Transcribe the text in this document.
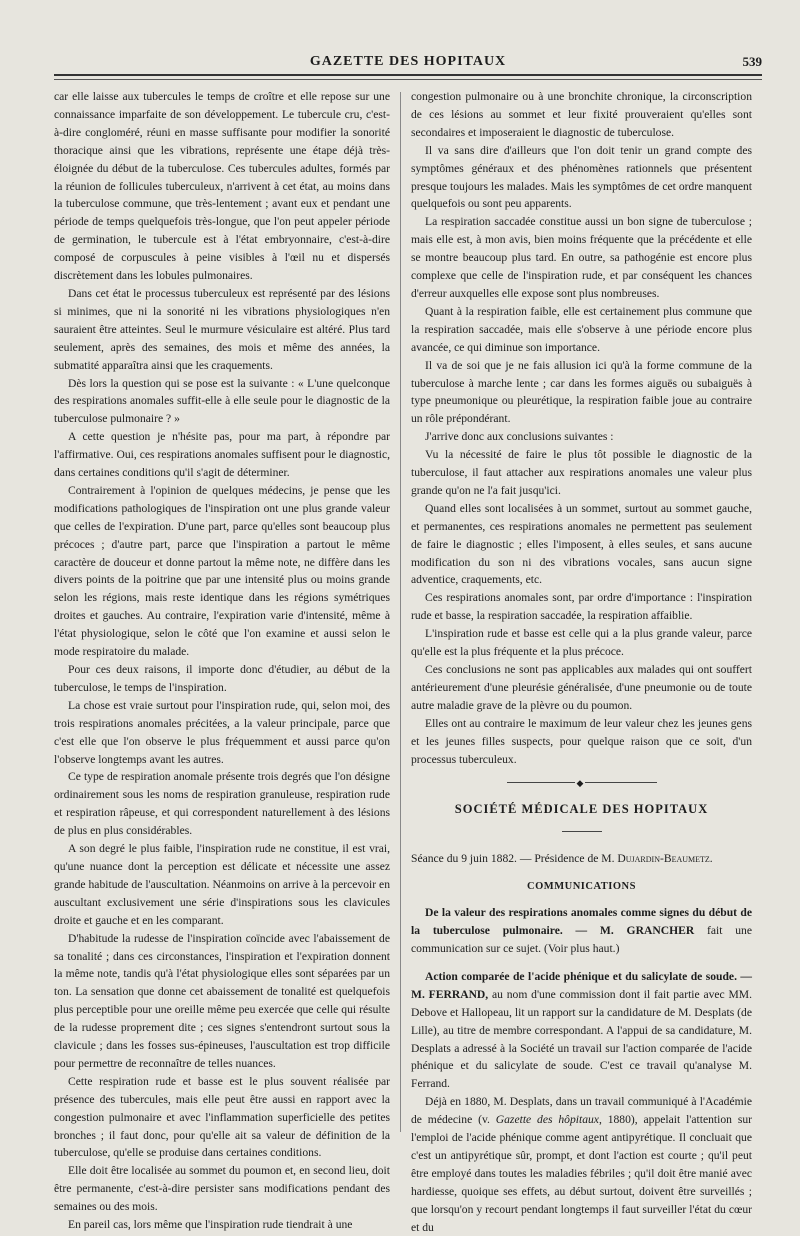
GAZETTE DES HOPITAUX	539

car elle laisse aux tubercules le temps de croître et elle repose sur une connaissance imparfaite de son développement. Le tubercule cru, c'est-à-dire congloméré, réuni en masse suffisante pour modifier la sonorité thoracique ainsi que les vibrations, représente une étape déjà très-éloignée du début de la tuberculose. Ces tubercules adultes, formés par la réunion de follicules tuberculeux, n'arrivent à cet état, au moins dans la tuberculose commune, que très-lentement ; avant eux et pendant une période de temps quelquefois très-longue, que l'on peut appeler période de germination, le tubercule est à l'état embryonnaire, c'est-à-dire composé de corpuscules à peine visibles à l'œil nu et dispersés discrètement dans les lobules pulmonaires.

Dans cet état le processus tuberculeux est représenté par des lésions si minimes, que ni la sonorité ni les vibrations physiologiques n'en sauraient être atteintes. Seul le murmure vésiculaire est altéré. Plus tard seulement, après des semaines, des mois et même des années, la submatité apparaîtra ainsi que les craquements.

Dès lors la question qui se pose est la suivante : « L'une quelconque des respirations anomales suffit-elle à elle seule pour le diagnostic de la tuberculose pulmonaire ? »

A cette question je n'hésite pas, pour ma part, à répondre par l'affirmative. Oui, ces respirations anomales suffisent pour le diagnostic, dans certaines conditions qu'il s'agit de déterminer.

Contrairement à l'opinion de quelques médecins, je pense que les modifications pathologiques de l'inspiration ont une plus grande valeur que celles de l'expiration. D'une part, parce qu'elles sont beaucoup plus précoces ; d'autre part, parce que l'inspiration a partout le même caractère de douceur et donne partout la même note, ne diffère dans les divers points de la poitrine que par une intensité plus ou moins grande selon les régions, mais reste identique dans les régions symétriques droites et gauches. Au contraire, l'expiration varie d'intensité, même à l'état physiologique, selon le côté que l'on examine et aussi selon le mode respiratoire du malade.

Pour ces deux raisons, il importe donc d'étudier, au début de la tuberculose, le temps de l'inspiration.

La chose est vraie surtout pour l'inspiration rude, qui, selon moi, des trois respirations anomales précitées, a la valeur principale, parce que c'est elle que l'on observe le plus fréquemment et aussi parce qu'on l'observe longtemps avant les autres.

Ce type de respiration anomale présente trois degrés que l'on désigne ordinairement sous les noms de respiration granuleuse, respiration rude et respiration râpeuse, et qui correspondent naturellement à des lésions de plus en plus considérables.

A son degré le plus faible, l'inspiration rude ne constitue, il est vrai, qu'une nuance dont la perception est délicate et nécessite une assez grande habitude de l'auscultation. Néanmoins on arrive à la percevoir en auscultant exclusivement une série d'inspirations sous les clavicules droite et gauche et en les comparant.

D'habitude la rudesse de l'inspiration coïncide avec l'abaissement de sa tonalité ; dans ces circonstances, l'inspiration et l'expiration donnent la même note, tandis qu'à l'état physiologique elles sont séparées par un ton. La sensation que donne cet abaissement de tonalité est quelquefois plus perceptible pour une oreille même peu exercée que celle qui résulte de la rudesse proprement dite ; ces signes s'entendront surtout sous la clavicule ; dans les fosses sus-épineuses, l'auscultation est trop difficile pour permettre de reconnaître de telles nuances.

Cette respiration rude et basse est le plus souvent réalisée par présence des tubercules, mais elle peut être aussi en rapport avec la congestion pulmonaire et avec l'inflammation superficielle des petites bronches ; il faut donc, pour qu'elle ait sa valeur de définition de la tuberculose, qu'elle se produise dans certaines conditions.

Elle doit être localisée au sommet du poumon et, en second lieu, doit être permanente, c'est-à-dire persister sans modifications pendant des semaines ou des mois.

En pareil cas, lors même que l'inspiration rude tiendrait à une

congestion pulmonaire ou à une bronchite chronique, la circonscription de ces lésions au sommet et leur fixité prouveraient qu'elles sont secondaires et imposeraient le diagnostic de tuberculose.

Il va sans dire d'ailleurs que l'on doit tenir un grand compte des symptômes généraux et des phénomènes rationnels que présentent presque toujours les malades. Mais les symptômes de cet ordre manquent quelquefois ou sont peu apparents.

La respiration saccadée constitue aussi un bon signe de tuberculose ; mais elle est, à mon avis, bien moins fréquente que la précédente et elle se montre beaucoup plus tard. En outre, sa pathogénie est encore plus complexe que celle de l'inspiration rude, et par conséquent les chances d'erreur auxquelles elle expose sont plus nombreuses.

Quant à la respiration faible, elle est certainement plus commune que la respiration saccadée, mais elle s'observe à une période encore plus avancée, ce qui diminue son importance.

Il va de soi que je ne fais allusion ici qu'à la forme commune de la tuberculose à marche lente ; car dans les formes aiguës ou subaiguës à type pneumonique ou pleurétique, la respiration faible joue au contraire un rôle prépondérant.

J'arrive donc aux conclusions suivantes :

Vu la nécessité de faire le plus tôt possible le diagnostic de la tuberculose, il faut attacher aux respirations anomales une valeur plus grande qu'on ne l'a fait jusqu'ici.

Quand elles sont localisées à un sommet, surtout au sommet gauche, et permanentes, ces respirations anomales ne permettent pas seulement de faire le diagnostic ; elles l'imposent, à elles seules, et sans aucune modification du son ni des vibrations vocales, sans aucun signe adventice, craquements, etc.

Ces respirations anomales sont, par ordre d'importance : l'inspiration rude et basse, la respiration saccadée, la respiration affaiblie.

L'inspiration rude et basse est celle qui a la plus grande valeur, parce qu'elle est la plus fréquente et la plus précoce.

Ces conclusions ne sont pas applicables aux malades qui ont souffert antérieurement d'une pleurésie généralisée, d'une pneumonie ou de toute autre maladie grave de la plèvre ou du poumon.

Elles ont au contraire le maximum de leur valeur chez les jeunes gens et les jeunes filles suspects, pour quelque raison que ce soit, d'un processus tuberculeux.

◆
SOCIÉTÉ MÉDICALE DES HOPITAUX

Séance du 9 juin 1882. — Présidence de M. Dujardin-Beaumetz.

COMMUNICATIONS

De la valeur des respirations anomales comme signes du début de la tuberculose pulmonaire. — M. GRANCHER fait une communication sur ce sujet. (Voir plus haut.)

Action comparée de l'acide phénique et du salicylate de soude. — M. FERRAND, au nom d'une commission dont il fait partie avec MM. Debove et Hallopeau, lit un rapport sur la candidature de M. Desplats (de Lille), au titre de membre correspondant. A l'appui de sa candidature, M. Desplats a adressé à la Société un travail sur l'action comparée de l'acide phénique et du salicylate de soude. C'est ce travail qu'analyse M. Ferrand.

Déjà en 1880, M. Desplats, dans un travail communiqué à l'Académie de médecine (v. Gazette des hôpitaux, 1880), appelait l'attention sur l'emploi de l'acide phénique comme agent antipyrétique. Il concluait que c'est un antipyrétique sûr, prompt, et dont l'action est courte ; qu'il peut être employé dans toutes les maladies fébriles ; qu'il doit être manié avec hardiesse, quoique ses effets, au début surtout, doivent être surveillés ; que lorsqu'on y recourt pendant longtemps il faut surveiller l'état du cœur et du
